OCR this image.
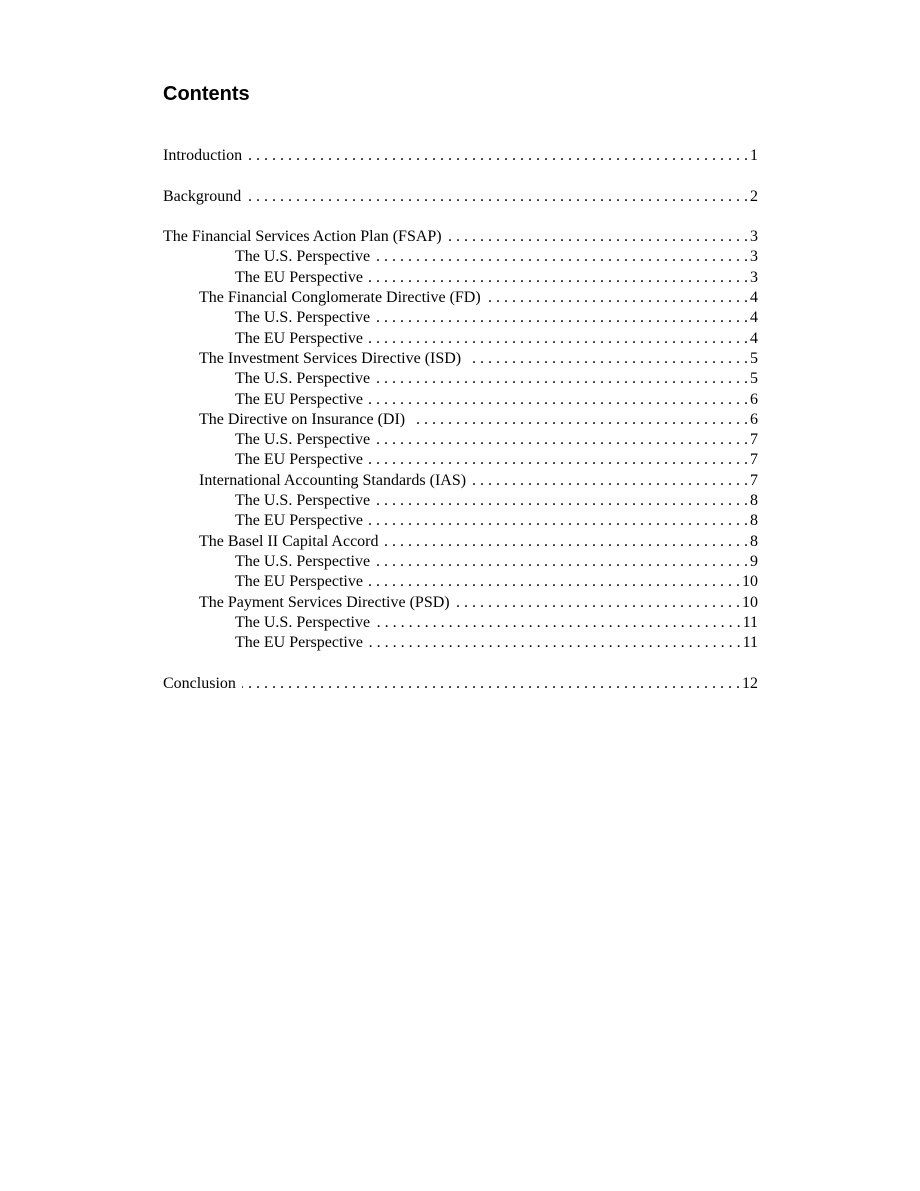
Contents
Introduction . . .	1
Background . . .	2
The Financial Services Action Plan (FSAP) . . .	3
The U.S. Perspective . . .	3
The EU Perspective . . .	3
The Financial Conglomerate Directive (FD) . . .	4
The U.S. Perspective . . .	4
The EU Perspective . . .	4
The Investment Services Directive (ISD) . . .	5
The U.S. Perspective . . .	5
The EU Perspective . . .	6
The Directive on Insurance (DI) . . .	6
The U.S. Perspective . . .	7
The EU Perspective . . .	7
International Accounting Standards (IAS) . . .	7
The U.S. Perspective . . .	8
The EU Perspective . . .	8
The Basel II Capital Accord . . .	8
The U.S. Perspective . . .	9
The EU Perspective . . .	10
The Payment Services Directive (PSD) . . .	10
The U.S. Perspective . . .	11
The EU Perspective . . .	11
Conclusion . . .	12
